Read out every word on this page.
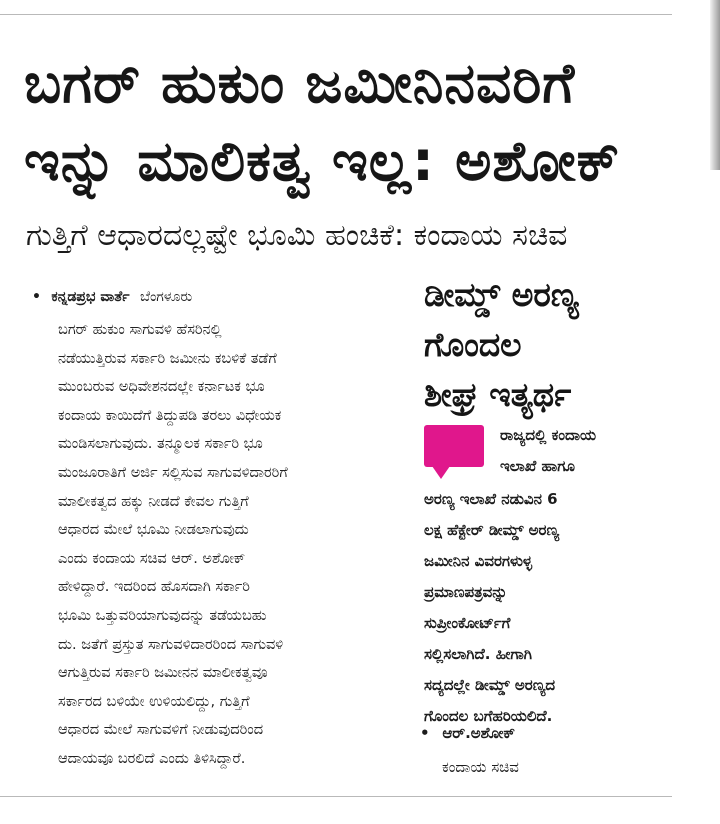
ಬಗರ್ ಹುಕುಂ ಜಮೀನಿನವರಿಗೆ
ಇನ್ನು ಮಾಲಿಕತ್ವ ಇಲ್ಲ: ಅಶೋಕ್
ಗುತ್ತಿಗೆ ಆಧಾರದಲ್ಲಷ್ಟೇ ಭೂಮಿ ಹಂಚಿಕೆ: ಕಂದಾಯ ಸಚಿವ
• ಕನ್ನಡಪ್ರಭ ವಾರ್ತೆ ಬೆಂಗಳೂರು
ಬಗರ್ ಹುಕುಂ ಸಾಗುವಳಿ ಹೆಸರಿನಲ್ಲಿ
ನಡೆಯುತ್ತಿರುವ ಸರ್ಕಾರಿ ಜಮೀನು ಕಬಳಿಕೆ ತಡೆಗೆ
ಮುಂಬರುವ ಅಧಿವೇಶನದಲ್ಲೇ ಕರ್ನಾಟಕ ಭೂ
ಕಂದಾಯ ಕಾಯಿದೆಗೆ ತಿದ್ದುಪಡಿ ತರಲು ವಿಧೇಯಕ
ಮಂಡಿಸಲಾಗುವುದು. ತನ್ಮೂಲಕ ಸರ್ಕಾರಿ ಭೂ
ಮಂಜೂರಾತಿಗೆ ಅರ್ಜಿ ಸಲ್ಲಿಸುವ ಸಾಗುವಳಿದಾರರಿಗೆ
ಮಾಲೀಕತ್ವದ ಹಕ್ಕು ನೀಡದೆ ಕೇವಲ ಗುತ್ತಿಗೆ
ಆಧಾರದ ಮೇಲೆ ಭೂಮಿ ನೀಡಲಾಗುವುದು
ಎಂದು ಕಂದಾಯ ಸಚಿವ ಆರ್. ಅಶೋಕ್
ಹೇಳಿದ್ದಾರೆ. ಇದರಿಂದ ಹೊಸದಾಗಿ ಸರ್ಕಾರಿ
ಭೂಮಿ ಒತ್ತುವರಿಯಾಗುವುದನ್ನು ತಡೆಯಬಹು
ದು. ಜತೆಗೆ ಪ್ರಸ್ತುತ ಸಾಗುವಳಿದಾರರಿಂದ ಸಾಗುವಳಿ
ಆಗುತ್ತಿರುವ ಸರ್ಕಾರಿ ಜಮೀನನ ಮಾಲೀಕತ್ವವೂ
ಸರ್ಕಾರದ ಬಳಿಯೇ ಉಳಿಯಲಿದ್ದು, ಗುತ್ತಿಗೆ
ಆಧಾರದ ಮೇಲೆ ಸಾಗುವಳಿಗೆ ನೀಡುವುದರಿಂದ
ಆದಾಯವೂ ಬರಲಿದೆ ಎಂದು ತಿಳಿಸಿದ್ದಾರೆ.
ಡೀಮ್ಡ್ ಅರಣ್ಯ
ಗೊಂದಲ
ಶೀಘ್ರ ಇತ್ಯರ್ಥ
ರಾಜ್ಯದಲ್ಲಿ ಕಂದಾಯ
ಇಲಾಖೆ ಹಾಗೂ
ಅರಣ್ಯ ಇಲಾಖೆ ನಡುವಿನ 6
ಲಕ್ಷ ಹೆಕ್ಟೇರ್ ಡೀಮ್ಡ್ ಅರಣ್ಯ
ಜಮೀನಿನ ವಿವರಗಳುಳ್ಳ
ಪ್ರಮಾಣಪತ್ರವನ್ನು
ಸುಪ್ರೀಂಕೋರ್ಟ್‌ಗೆ
ಸಲ್ಲಿಸಲಾಗಿದೆ. ಹೀಗಾಗಿ
ಸದ್ಯದಲ್ಲೇ ಡೀಮ್ಡ್ ಅರಣ್ಯದ
ಗೊಂದಲ ಬಗೆಹರಿಯಲಿದೆ.
• ಆರ್.ಅಶೋಕ್
ಕಂದಾಯ ಸಚಿವ
